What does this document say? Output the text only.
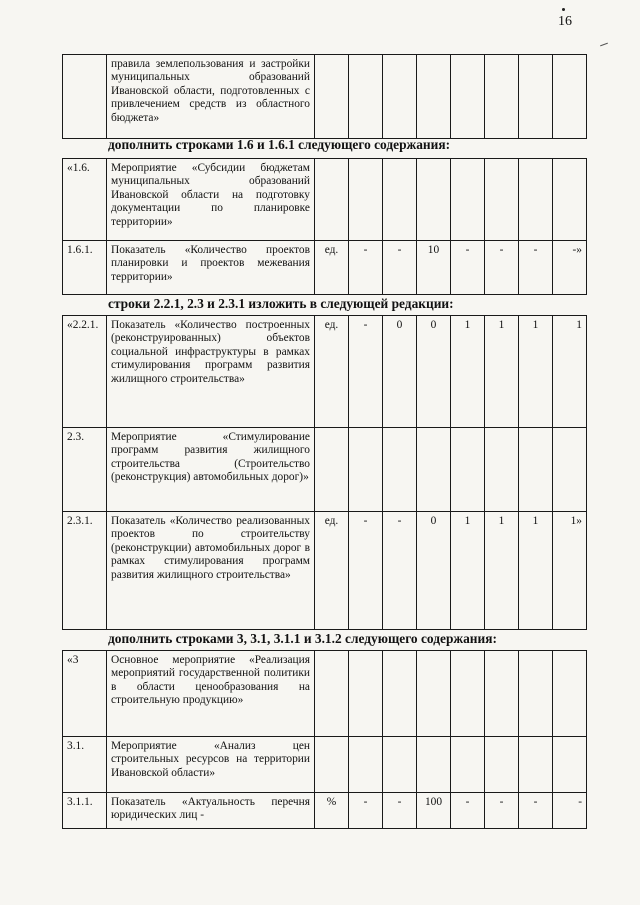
16
	правила землепользования и застройки муниципальных образований Ивановской области, подготовленных с привлечением средств из областного бюджета»								
дополнить строками 1.6 и 1.6.1 следующего содержания:
«1.6.	Мероприятие «Субсидии бюджетам муниципальных образований Ивановской области на подготовку документации по планировке территории»								
1.6.1.	Показатель «Количество проектов планировки и проектов межевания территории»	ед.	-	-	10	-	-	-	-»
строки 2.2.1, 2.3 и 2.3.1 изложить в следующей редакции:
«2.2.1.	Показатель «Количество построенных (реконструированных) объектов социальной инфраструктуры в рамках стимулирования программ развития жилищного строительства»	ед.	-	0	0	1	1	1	1
2.3.	Мероприятие «Стимулирование программ развития жилищного строительства (Строительство (реконструкция) автомобильных дорог)»								
2.3.1.	Показатель «Количество реализованных проектов по строительству (реконструкции) автомобильных дорог в рамках стимулирования программ развития жилищного строительства»	ед.	-	-	0	1	1	1	1»
дополнить строками 3, 3.1, 3.1.1 и 3.1.2 следующего содержания:
«3	Основное мероприятие «Реализация мероприятий государственной политики в области ценообразования на строительную продукцию»								
3.1.	Мероприятие «Анализ цен строительных ресурсов на территории Ивановской области»								
3.1.1.	Показатель «Актуальность перечня юридических лиц -	%	-	-	100	-	-	-	-
